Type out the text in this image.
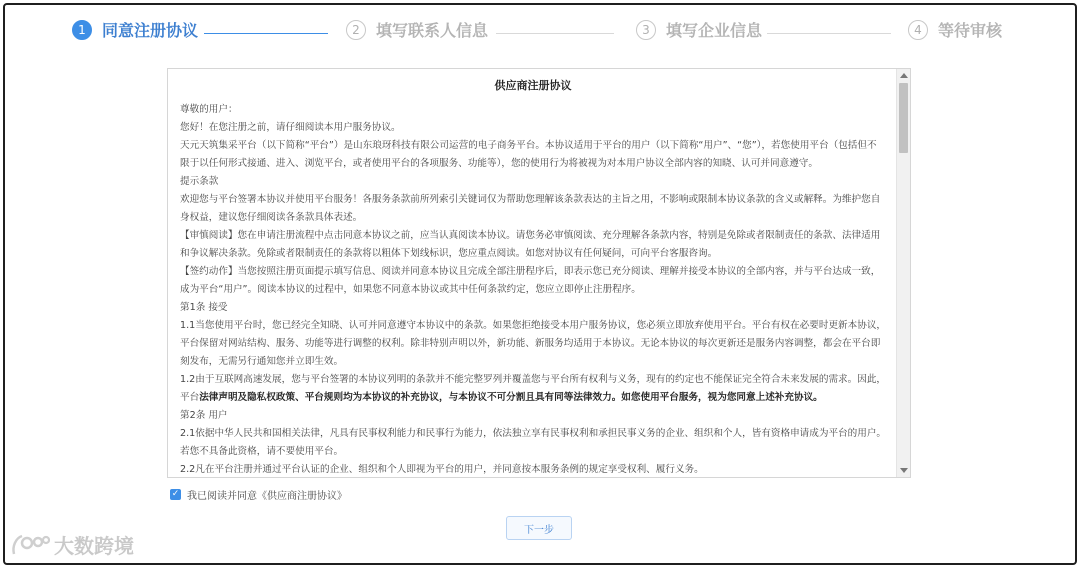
1	同意注册协议	2	填写联系人信息	3	填写企业信息	4	等待审核
供应商注册协议

尊敬的用户：

您好！在您注册之前，请仔细阅读本用户服务协议。

天元天筑集采平台（以下简称“平台”）是山东琅玡科技有限公司运营的电子商务平台。本协议适用于平台的用户（以下简称“用户”、“您”），若您使用平台（包括但不限于以任何形式接通、进入、浏览平台，或者使用平台的各项服务、功能等），您的使用行为将被视为对本用户协议全部内容的知晓、认可并同意遵守。

提示条款

欢迎您与平台签署本协议并使用平台服务！各服务条款前所列索引关键词仅为帮助您理解该条款表达的主旨之用，不影响或限制本协议条款的含义或解释。为维护您自身权益，建议您仔细阅读各条款具体表述。

【审慎阅读】您在申请注册流程中点击同意本协议之前，应当认真阅读本协议。请您务必审慎阅读、充分理解各条款内容，特别是免除或者限制责任的条款、法律适用和争议解决条款。免除或者限制责任的条款将以粗体下划线标识，您应重点阅读。如您对协议有任何疑问，可向平台客服咨询。

【签约动作】当您按照注册页面提示填写信息、阅读并同意本协议且完成全部注册程序后，即表示您已充分阅读、理解并接受本协议的全部内容，并与平台达成一致，成为平台“用户”。阅读本协议的过程中，如果您不同意本协议或其中任何条款约定，您应立即停止注册程序。

第1条 接受

1.1当您使用平台时，您已经完全知晓、认可并同意遵守本协议中的条款。如果您拒绝接受本用户服务协议，您必须立即放弃使用平台。平台有权在必要时更新本协议，平台保留对网站结构、服务、功能等进行调整的权利。除非特别声明以外，新功能、新服务均适用于本协议。无论本协议的每次更新还是服务内容调整，都会在平台即刻发布，无需另行通知您并立即生效。

1.2由于互联网高速发展，您与平台签署的本协议列明的条款并不能完整罗列并覆盖您与平台所有权利与义务，现有的约定也不能保证完全符合未来发展的需求。因此，平台法律声明及隐私权政策、平台规则均为本协议的补充协议，与本协议不可分割且具有同等法律效力。如您使用平台服务，视为您同意上述补充协议。

第2条 用户

2.1依据中华人民共和国相关法律，凡具有民事权利能力和民事行为能力，依法独立享有民事权利和承担民事义务的企业、组织和个人，皆有资格申请成为平台的用户。若您不具备此资格，请不要使用平台。

2.2凡在平台注册并通过平台认证的企业、组织和个人即视为平台的用户，并同意按本服务条例的规定享受权利、履行义务。

✓ 我已阅读并同意《供应商注册协议》
下一步
大数跨境
